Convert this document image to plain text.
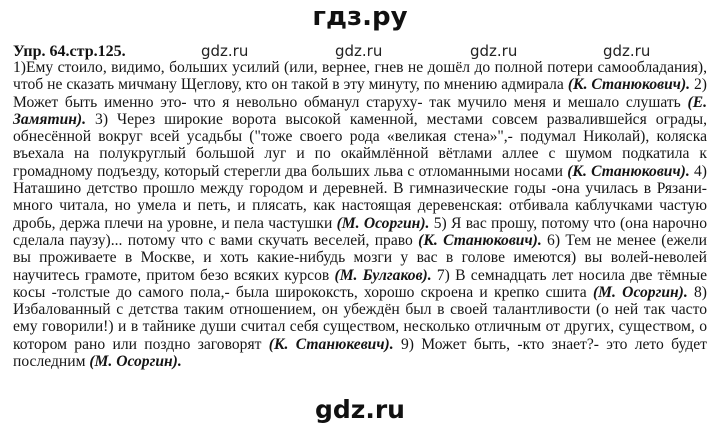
гдз.ру
gdz.ru	gdz.ru	gdz.ru	gdz.ru
Упр. 64.стр.125.
1)Ему стоило, видимо, больших усилий (или, вернее, гнев не дошёл до полной потери самообладания), чтоб не сказать мичману Щеглову, кто он такой в эту минуту, по мнению адмирала (К. Станюкович). 2) Может быть именно это- что я невольно обманул старуху- так мучило меня и мешало слушать (Е. Замятин). 3) Через широкие ворота высокой каменной, местами совсем развалившейся ограды, обнесённой вокруг всей усадьбы ("тоже своего рода «великая стена»",- подумал Николай), коляска въехала на полукруглый большой луг и по окаймлённой вётлами аллее с шумом подкатила к громадному подъезду, который стерегли два больших льва с отломанными носами (К. Станюкович). 4) Наташино детство прошло между городом и деревней. В гимназические годы -она училась в Рязани- много читала, но умела и петь, и плясать, как настоящая деревенская: отбивала каблучками частую дробь, держа плечи на уровне, и пела частушки (М. Осоргин). 5) Я вас прошу, потому что (она нарочно сделала паузу)... потому что с вами скучать веселей, право (К. Станюкович). 6) Тем не менее (ежели вы проживаете в Москве, и хоть какие-нибудь мозги у вас в голове имеются) вы волей-неволей научитесь грамоте, притом безо всяких курсов (М. Булгаков). 7) В семнадцать лет носила две тёмные косы -толстые до самого пола,- была ширококсть, хорошо скроена и крепко сшита (М. Осоргин). 8) Избалованный с детства таким отношением, он убеждён был в своей талантливости (о ней так часто ему говорили!) и в тайнике души считал себя существом, несколько отличным от других, существом, о котором рано или поздно заговорят (К. Станюкевич). 9) Может быть, -кто знает?- это лето будет последним (М. Осоргин).
gdz.ru
